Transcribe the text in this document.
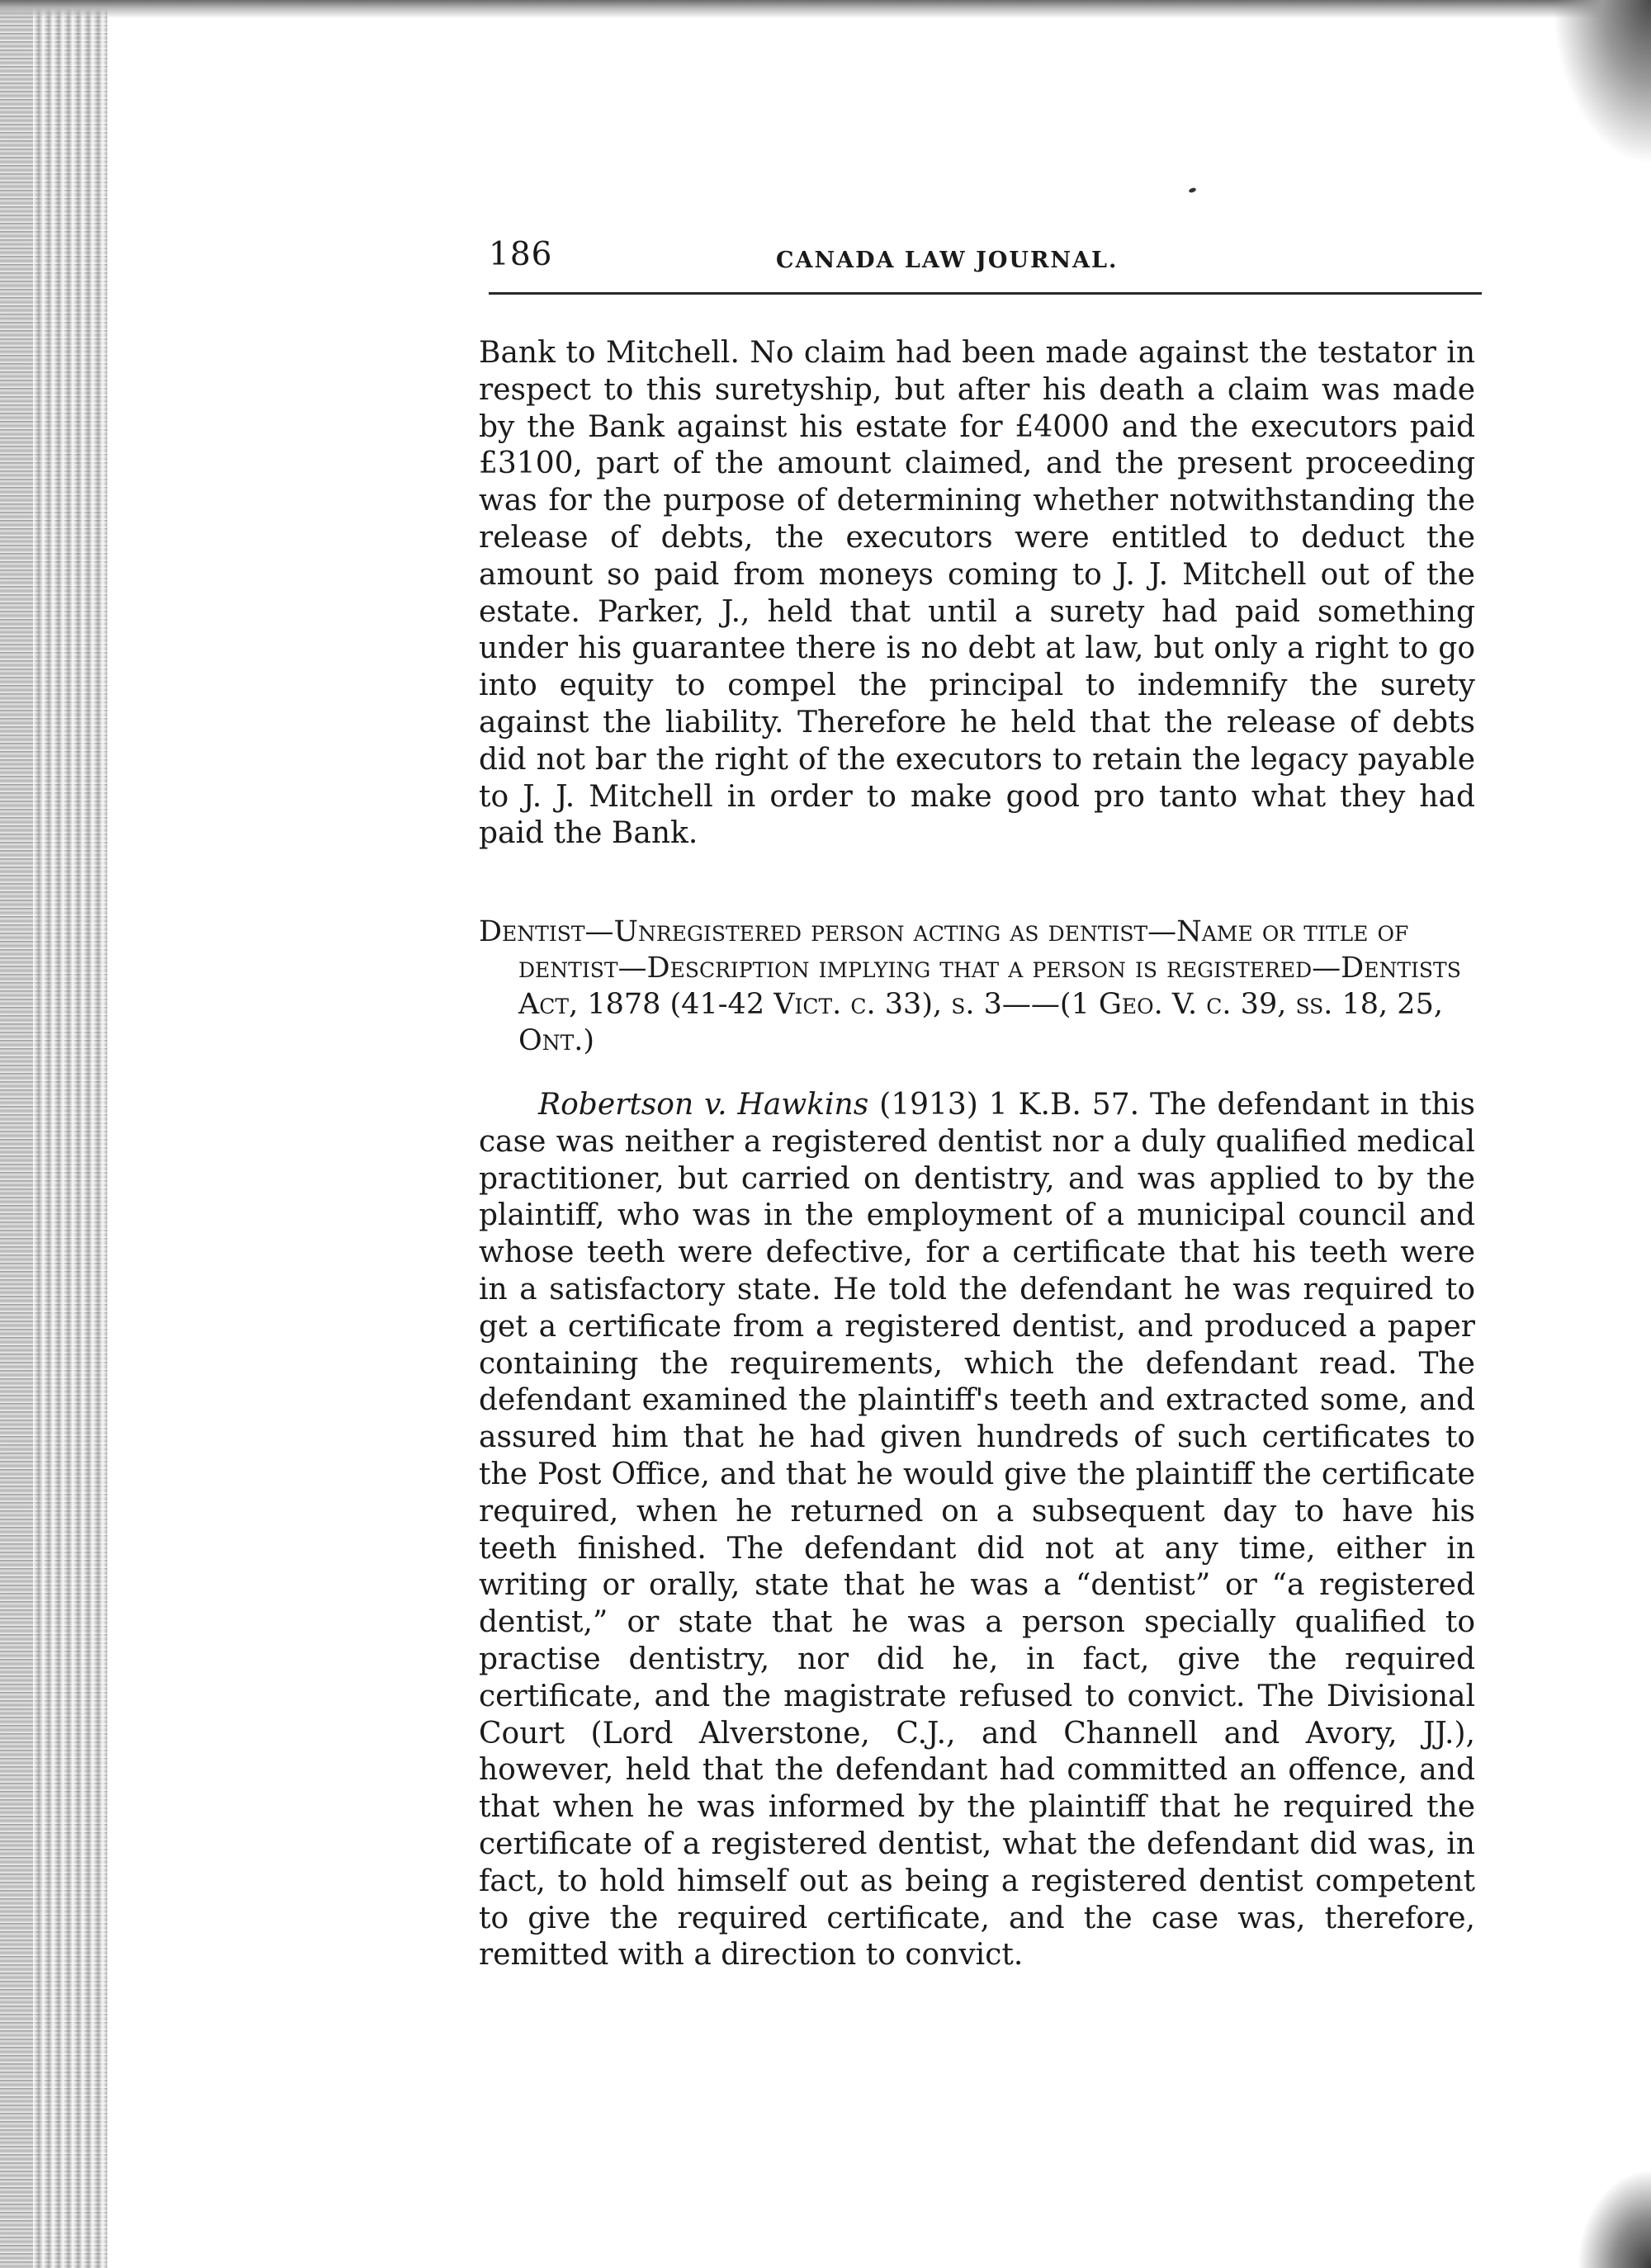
186	CANADA LAW JOURNAL.

Bank to Mitchell. No claim had been made against the testator in respect to this suretyship, but after his death a claim was made by the Bank against his estate for £4000 and the executors paid £3100, part of the amount claimed, and the present proceeding was for the purpose of determining whether notwithstanding the release of debts, the executors were entitled to deduct the amount so paid from moneys coming to J. J. Mitchell out of the estate. Parker, J., held that until a surety had paid something under his guarantee there is no debt at law, but only a right to go into equity to compel the principal to indemnify the surety against the liability. Therefore he held that the release of debts did not bar the right of the executors to retain the legacy payable to J. J. Mitchell in order to make good pro tanto what they had paid the Bank.

Dentist—Unregistered person acting as dentist—Name or title of dentist—Description implying that a person is registered—Dentists Act, 1878 (41-42 Vict. c. 33), s. 3——(1 Geo. V. c. 39, ss. 18, 25, Ont.)

Robertson v. Hawkins (1913) 1 K.B. 57. The defendant in this case was neither a registered dentist nor a duly qualified medical practitioner, but carried on dentistry, and was applied to by the plaintiff, who was in the employment of a municipal council and whose teeth were defective, for a certificate that his teeth were in a satisfactory state. He told the defendant he was required to get a certificate from a registered dentist, and produced a paper containing the requirements, which the defendant read. The defendant examined the plaintiff's teeth and extracted some, and assured him that he had given hundreds of such certificates to the Post Office, and that he would give the plaintiff the certificate required, when he returned on a subsequent day to have his teeth finished. The defendant did not at any time, either in writing or orally, state that he was a “dentist” or “a registered dentist,” or state that he was a person specially qualified to practise dentistry, nor did he, in fact, give the required certificate, and the magistrate refused to convict. The Divisional Court (Lord Alverstone, C.J., and Channell and Avory, JJ.), however, held that the defendant had committed an offence, and that when he was informed by the plaintiff that he required the certificate of a registered dentist, what the defendant did was, in fact, to hold himself out as being a registered dentist competent to give the required certificate, and the case was, therefore, remitted with a direction to convict.
